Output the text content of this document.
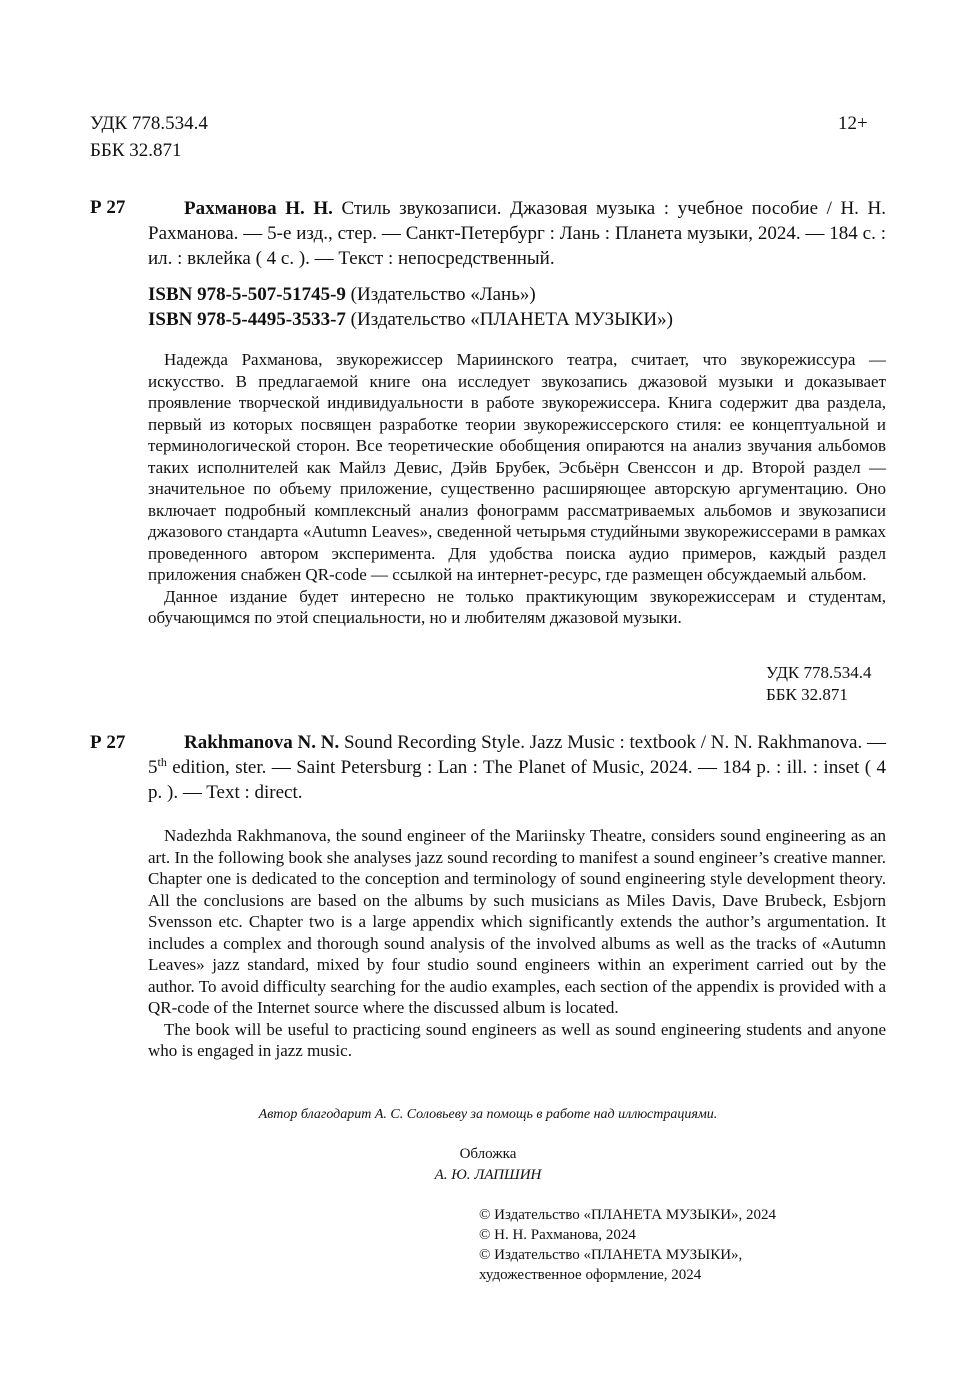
УДК 778.534.4
ББК 32.871
12+
Р 27	Рахманова Н. Н. Стиль звукозаписи. Джазовая музыка : учебное пособие / Н. Н. Рахманова. — 5-е изд., стер. — Санкт-Петербург : Лань : Планета музыки, 2024. — 184 с. : ил. : вклейка ( 4 с. ). — Текст : непосредственный.

ISBN 978-5-507-51745-9 (Издательство «Лань»)
ISBN 978-5-4495-3533-7 (Издательство «ПЛАНЕТА МУЗЫКИ»)

Надежда Рахманова, звукорежиссер Мариинского театра, считает, что звукорежиссура — искусство. В предлагаемой книге она исследует звукозапись джазовой музыки и доказывает проявление творческой индивидуальности в работе звукорежиссера. Книга содержит два раздела, первый из которых посвящен разработке теории звукорежиссерского стиля: ее концептуальной и терминологической сторон. Все теоретические обобщения опираются на анализ звучания альбомов таких исполнителей как Майлз Девис, Дэйв Брубек, Эсбьёрн Свенссон и др. Второй раздел — значительное по объему приложение, существенно расширяющее авторскую аргументацию. Оно включает подробный комплексный анализ фонограмм рассматриваемых альбомов и звукозаписи джазового стандарта «Autumn Leaves», сведенной четырьмя студийными звукорежиссерами в рамках проведенного автором эксперимента. Для удобства поиска аудио примеров, каждый раздел приложения снабжен QR-code — ссылкой на интернет-ресурс, где размещен обсуждаемый альбом.

Данное издание будет интересно не только практикующим звукорежиссерам и студентам, обучающимся по этой специальности, но и любителям джазовой музыки.

УДК 778.534.4
ББК 32.871
Р 27	Rakhmanova N. N. Sound Recording Style. Jazz Music : textbook / N. N. Rakhmanova. — 5th edition, ster. — Saint Petersburg : Lan : The Planet of Music, 2024. — 184 p. : ill. : inset ( 4 p. ). — Text : direct.

Nadezhda Rakhmanova, the sound engineer of the Mariinsky Theatre, considers sound engineering as an art. In the following book she analyses jazz sound recording to manifest a sound engineer’s creative manner. Chapter one is dedicated to the conception and terminology of sound engineering style development theory. All the conclusions are based on the albums by such musicians as Miles Davis, Dave Brubeck, Esbjorn Svensson etc. Chapter two is a large appendix which significantly extends the author’s argumentation. It includes a complex and thorough sound analysis of the involved albums as well as the tracks of «Autumn Leaves» jazz standard, mixed by four studio sound engineers within an experiment carried out by the author. To avoid difficulty searching for the audio examples, each section of the appendix is provided with a QR-code of the Internet source where the discussed album is located.

The book will be useful to practicing sound engineers as well as sound engineering students and anyone who is engaged in jazz music.

Автор благодарит А. С. Соловьеву за помощь в работе над иллюстрациями.
Обложка
А. Ю. ЛАПШИН
© Издательство «ПЛАНЕТА МУЗЫКИ», 2024
© Н. Н. Рахманова, 2024
© Издательство «ПЛАНЕТА МУЗЫКИ»,
художественное оформление, 2024
